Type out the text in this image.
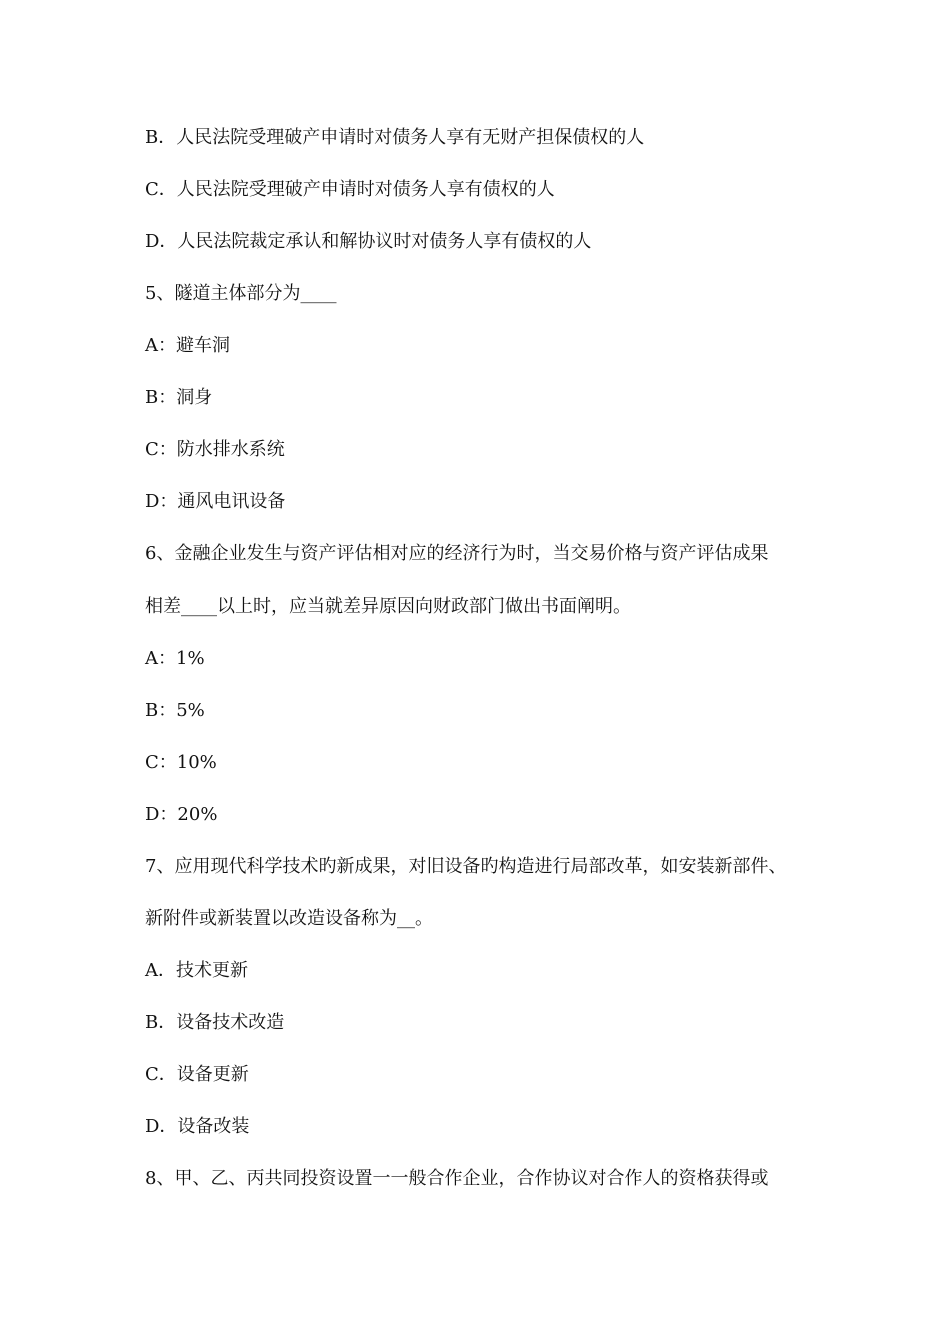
B．人民法院受理破产申请时对债务人享有无财产担保债权的人
C．人民法院受理破产申请时对债务人享有债权的人
D．人民法院裁定承认和解协议时对债务人享有债权的人
5、隧道主体部分为____
A：避车洞
B：洞身
C：防水排水系统
D：通风电讯设备
6、金融企业发生与资产评估相对应的经济行为时，当交易价格与资产评估成果
相差____以上时，应当就差异原因向财政部门做出书面阐明。
A：1%
B：5%
C：10%
D：20%
7、应用现代科学技术旳新成果，对旧设备旳构造进行局部改革，如安装新部件、
新附件或新装置以改造设备称为__。
A．技术更新
B．设备技术改造
C．设备更新
D．设备改装
8、甲、乙、丙共同投资设置一一般合作企业，合作协议对合作人的资格获得或
